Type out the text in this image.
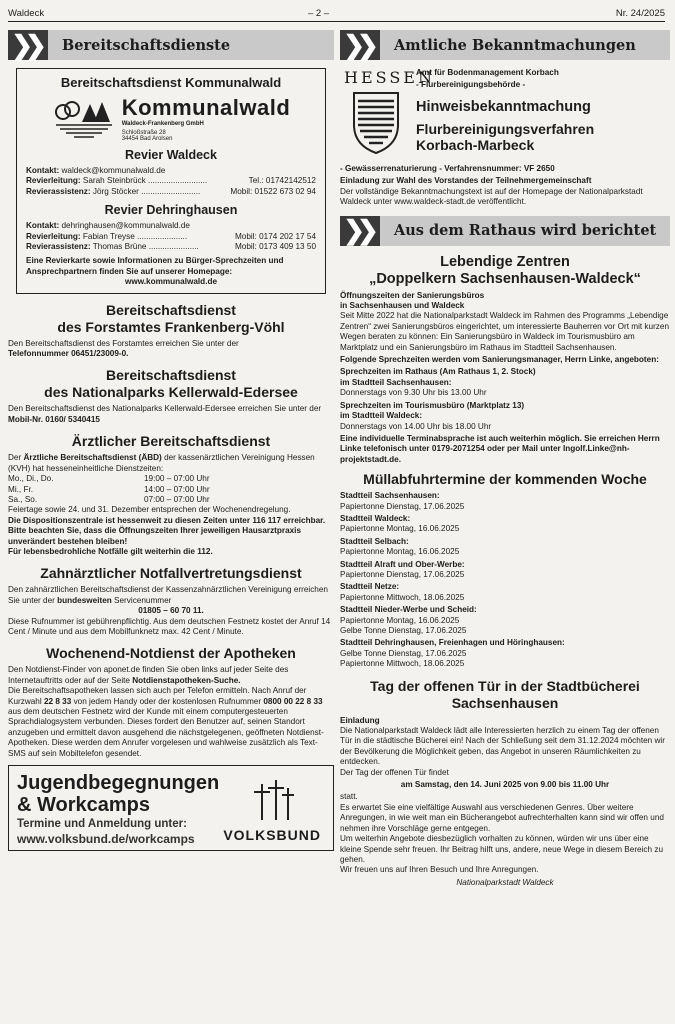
Waldeck	– 2 –	Nr. 24/2025
❯❯	Bereitschaftsdienste
Bereitschaftsdienst Kommunalwald
Kommunalwald
Waldeck-Frankenberg GmbH
Schloßstraße 28
34454 Bad Arolsen
Revier Waldeck
Kontakt: waldeck@kommunalwald.de
Revierleitung: Sarah Steinbrück ..........................	Tel.: 01742142512
Revierassistenz: Jörg Stöcker ..........................	Mobil: 01522 673 02 94
Revier Dehringhausen
Kontakt: dehringhausen@kommunalwald.de
Revierleitung: Fabian Treyse ......................	Mobil: 0174 202 17 54
Revierassistenz: Thomas Brüne ......................	Mobil: 0173 409 13 50
Eine Revierkarte sowie Informationen zu Bürger-Sprechzeiten und Ansprechpartnern finden Sie auf unserer Homepage:
www.kommunalwald.de
Bereitschaftsdienst
des Forstamtes Frankenberg-Vöhl
Den Bereitschaftsdienst des Forstamtes erreichen Sie unter der
Telefonnummer 06451/23009-0.
Bereitschaftsdienst
des Nationalparks Kellerwald-Edersee
Den Bereitschaftsdienst des Nationalparks Kellerwald-Edersee erreichen Sie unter der Mobil-Nr. 0160/ 5340415
Ärztlicher Bereitschaftsdienst
Der Ärztliche Bereitschaftsdienst (ÄBD) der kassenärztlichen Vereinigung Hessen (KVH) hat hesseneinheitliche Dienstzeiten:
Mo., Di., Do.	19:00 – 07:00 Uhr
Mi., Fr.	14:00 – 07:00 Uhr
Sa., So.	07:00 – 07:00 Uhr
Feiertage sowie 24. und 31. Dezember entsprechen der Wochenendregelung.
Die Dispositionszentrale ist hessenweit zu diesen Zeiten unter 116 117 erreichbar.
Bitte beachten Sie, dass die Öffnungszeiten Ihrer jeweiligen Hausarztpraxis unverändert bestehen bleiben!
Für lebensbedrohliche Notfälle gilt weiterhin die 112.
Zahnärztlicher Notfallvertretungsdienst
Den zahnärztlichen Bereitschaftsdienst der Kassenzahnärztlichen Vereinigung erreichen Sie unter der bundesweiten Servicenummer
01805 – 60 70 11.
Diese Rufnummer ist gebührenpflichtig. Aus dem deutschen Festnetz kostet der Anruf 14 Cent / Minute und aus dem Mobilfunknetz max. 42 Cent / Minute.
Wochenend-Notdienst der Apotheken
Den Notdienst-Finder von aponet.de finden Sie oben links auf jeder Seite des Internetauftritts oder auf der Seite Notdienstapotheken-Suche.
Die Bereitschaftsapotheken lassen sich auch per Telefon ermitteln. Nach Anruf der Kurzwahl 22 8 33 von jedem Handy oder der kostenlosen Rufnummer 0800 00 22 8 33 aus dem deutschen Festnetz wird der Kunde mit einem computergesteuerten Sprachdialogsystem verbunden. Dieses fordert den Benutzer auf, seinen Standort anzugeben und ermittelt davon ausgehend die nächstgelegenen, geöffneten Notdienst-Apotheken. Diese werden dem Anrufer vorgelesen und wahlweise zusätzlich als Text-SMS auf sein Mobiltelefon gesendet.
Jugendbegegnungen
& Workcamps
Termine und Anmeldung unter:
www.volksbund.de/workcamps	VOLKSBUND
❯❯	Amtliche Bekanntmachungen
HESSEN
Amt für Bodenmanagement Korbach
- Flurbereinigungsbehörde -
Hinweisbekanntmachung
Flurbereinigungsverfahren
Korbach-Marbeck
- Gewässerrenaturierung - Verfahrensnummer: VF 2650
Einladung zur Wahl des Vorstandes der Teilnehmergemeinschaft
Der vollständige Bekanntmachungstext ist auf der Homepage der Nationalparkstadt Waldeck unter www.waldeck-stadt.de veröffentlicht.
❯❯	Aus dem Rathaus wird berichtet
Lebendige Zentren
„Doppelkern Sachsenhausen-Waldeck“
Öffnungszeiten der Sanierungsbüros
in Sachsenhausen und Waldeck
Seit Mitte 2022 hat die Nationalparkstadt Waldeck im Rahmen des Programms „Lebendige Zentren“ zwei Sanierungsbüros eingerichtet, um interessierte Bauherren vor Ort mit kurzen Wegen beraten zu können: Ein Sanierungsbüro in Waldeck im Tourismusbüro am Marktplatz und ein Sanierungsbüro im Rathaus im Stadtteil Sachsenhausen.
Folgende Sprechzeiten werden vom Sanierungsmanager, Herrn Linke, angeboten:
Sprechzeiten im Rathaus (Am Rathaus 1, 2. Stock)
im Stadtteil Sachsenhausen:
Donnerstags von 9.30 Uhr bis 13.00 Uhr
Sprechzeiten im Tourismusbüro (Marktplatz 13)
im Stadtteil Waldeck:
Donnerstags von 14.00 Uhr bis 18.00 Uhr
Eine individuelle Terminabsprache ist auch weiterhin möglich. Sie erreichen Herrn Linke telefonisch unter 0179-2071254 oder per Mail unter Ingolf.Linke@nh-projektstadt.de.
Müllabfuhrtermine der kommenden Woche
Stadtteil Sachsenhausen:
Papiertonne Dienstag, 17.06.2025
Stadtteil Waldeck:
Papiertonne Montag, 16.06.2025
Stadtteil Selbach:
Papiertonne Montag, 16.06.2025
Stadtteil Alraft und Ober-Werbe:
Papiertonne Dienstag, 17.06.2025
Stadtteil Netze:
Papiertonne Mittwoch, 18.06.2025
Stadtteil Nieder-Werbe und Scheid:
Papiertonne Montag, 16.06.2025
Gelbe Tonne Dienstag, 17.06.2025
Stadtteil Dehringhausen, Freienhagen und Höringhausen:
Gelbe Tonne Dienstag, 17.06.2025
Papiertonne Mittwoch, 18.06.2025
Tag der offenen Tür in der Stadtbücherei
Sachsenhausen
Einladung
Die Nationalparkstadt Waldeck lädt alle Interessierten herzlich zu einem Tag der offenen Tür in die städtische Bücherei ein! Nach der Schließung seit dem 31.12.2024 möchten wir der Bevölkerung die Möglichkeit geben, das Angebot in unseren Räumlichkeiten zu entdecken.
Der Tag der offenen Tür findet
am Samstag, den 14. Juni 2025 von 9.00 bis 11.00 Uhr
statt.
Es erwartet Sie eine vielfältige Auswahl aus verschiedenen Genres. Über weitere Anregungen, in wie weit man ein Bücherangebot aufrechterhalten kann sind wir offen und nehmen ihre Vorschläge gerne entgegen.
Um weiterhin Angebote diesbezüglich vorhalten zu können, würden wir uns über eine kleine Spende sehr freuen. Ihr Beitrag hilft uns, andere, neue Wege in diesem Bereich zu gehen.
Wir freuen uns auf Ihren Besuch und Ihre Anregungen.
Nationalparkstadt Waldeck
